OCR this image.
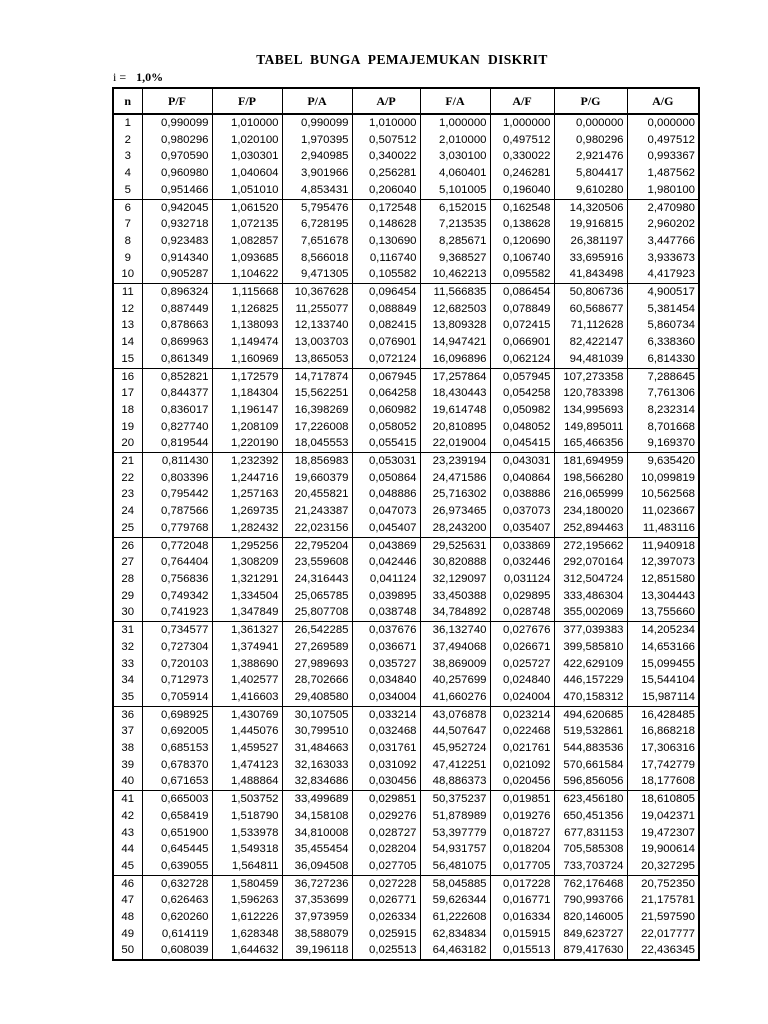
TABEL BUNGA PEMAJEMUKAN DISKRIT
i = 1,0%
n	P/F	F/P	P/A	A/P	F/A	A/F	P/G	A/G
1	0,990099	1,010000	0,990099	1,010000	1,000000	1,000000	0,000000	0,000000
2	0,980296	1,020100	1,970395	0,507512	2,010000	0,497512	0,980296	0,497512
3	0,970590	1,030301	2,940985	0,340022	3,030100	0,330022	2,921476	0,993367
4	0,960980	1,040604	3,901966	0,256281	4,060401	0,246281	5,804417	1,487562
5	0,951466	1,051010	4,853431	0,206040	5,101005	0,196040	9,610280	1,980100
6	0,942045	1,061520	5,795476	0,172548	6,152015	0,162548	14,320506	2,470980
7	0,932718	1,072135	6,728195	0,148628	7,213535	0,138628	19,916815	2,960202
8	0,923483	1,082857	7,651678	0,130690	8,285671	0,120690	26,381197	3,447766
9	0,914340	1,093685	8,566018	0,116740	9,368527	0,106740	33,695916	3,933673
10	0,905287	1,104622	9,471305	0,105582	10,462213	0,095582	41,843498	4,417923
11	0,896324	1,115668	10,367628	0,096454	11,566835	0,086454	50,806736	4,900517
12	0,887449	1,126825	11,255077	0,088849	12,682503	0,078849	60,568677	5,381454
13	0,878663	1,138093	12,133740	0,082415	13,809328	0,072415	71,112628	5,860734
14	0,869963	1,149474	13,003703	0,076901	14,947421	0,066901	82,422147	6,338360
15	0,861349	1,160969	13,865053	0,072124	16,096896	0,062124	94,481039	6,814330
16	0,852821	1,172579	14,717874	0,067945	17,257864	0,057945	107,273358	7,288645
17	0,844377	1,184304	15,562251	0,064258	18,430443	0,054258	120,783398	7,761306
18	0,836017	1,196147	16,398269	0,060982	19,614748	0,050982	134,995693	8,232314
19	0,827740	1,208109	17,226008	0,058052	20,810895	0,048052	149,895011	8,701668
20	0,819544	1,220190	18,045553	0,055415	22,019004	0,045415	165,466356	9,169370
21	0,811430	1,232392	18,856983	0,053031	23,239194	0,043031	181,694959	9,635420
22	0,803396	1,244716	19,660379	0,050864	24,471586	0,040864	198,566280	10,099819
23	0,795442	1,257163	20,455821	0,048886	25,716302	0,038886	216,065999	10,562568
24	0,787566	1,269735	21,243387	0,047073	26,973465	0,037073	234,180020	11,023667
25	0,779768	1,282432	22,023156	0,045407	28,243200	0,035407	252,894463	11,483116
26	0,772048	1,295256	22,795204	0,043869	29,525631	0,033869	272,195662	11,940918
27	0,764404	1,308209	23,559608	0,042446	30,820888	0,032446	292,070164	12,397073
28	0,756836	1,321291	24,316443	0,041124	32,129097	0,031124	312,504724	12,851580
29	0,749342	1,334504	25,065785	0,039895	33,450388	0,029895	333,486304	13,304443
30	0,741923	1,347849	25,807708	0,038748	34,784892	0,028748	355,002069	13,755660
31	0,734577	1,361327	26,542285	0,037676	36,132740	0,027676	377,039383	14,205234
32	0,727304	1,374941	27,269589	0,036671	37,494068	0,026671	399,585810	14,653166
33	0,720103	1,388690	27,989693	0,035727	38,869009	0,025727	422,629109	15,099455
34	0,712973	1,402577	28,702666	0,034840	40,257699	0,024840	446,157229	15,544104
35	0,705914	1,416603	29,408580	0,034004	41,660276	0,024004	470,158312	15,987114
36	0,698925	1,430769	30,107505	0,033214	43,076878	0,023214	494,620685	16,428485
37	0,692005	1,445076	30,799510	0,032468	44,507647	0,022468	519,532861	16,868218
38	0,685153	1,459527	31,484663	0,031761	45,952724	0,021761	544,883536	17,306316
39	0,678370	1,474123	32,163033	0,031092	47,412251	0,021092	570,661584	17,742779
40	0,671653	1,488864	32,834686	0,030456	48,886373	0,020456	596,856056	18,177608
41	0,665003	1,503752	33,499689	0,029851	50,375237	0,019851	623,456180	18,610805
42	0,658419	1,518790	34,158108	0,029276	51,878989	0,019276	650,451356	19,042371
43	0,651900	1,533978	34,810008	0,028727	53,397779	0,018727	677,831153	19,472307
44	0,645445	1,549318	35,455454	0,028204	54,931757	0,018204	705,585308	19,900614
45	0,639055	1,564811	36,094508	0,027705	56,481075	0,017705	733,703724	20,327295
46	0,632728	1,580459	36,727236	0,027228	58,045885	0,017228	762,176468	20,752350
47	0,626463	1,596263	37,353699	0,026771	59,626344	0,016771	790,993766	21,175781
48	0,620260	1,612226	37,973959	0,026334	61,222608	0,016334	820,146005	21,597590
49	0,614119	1,628348	38,588079	0,025915	62,834834	0,015915	849,623727	22,017777
50	0,608039	1,644632	39,196118	0,025513	64,463182	0,015513	879,417630	22,436345
